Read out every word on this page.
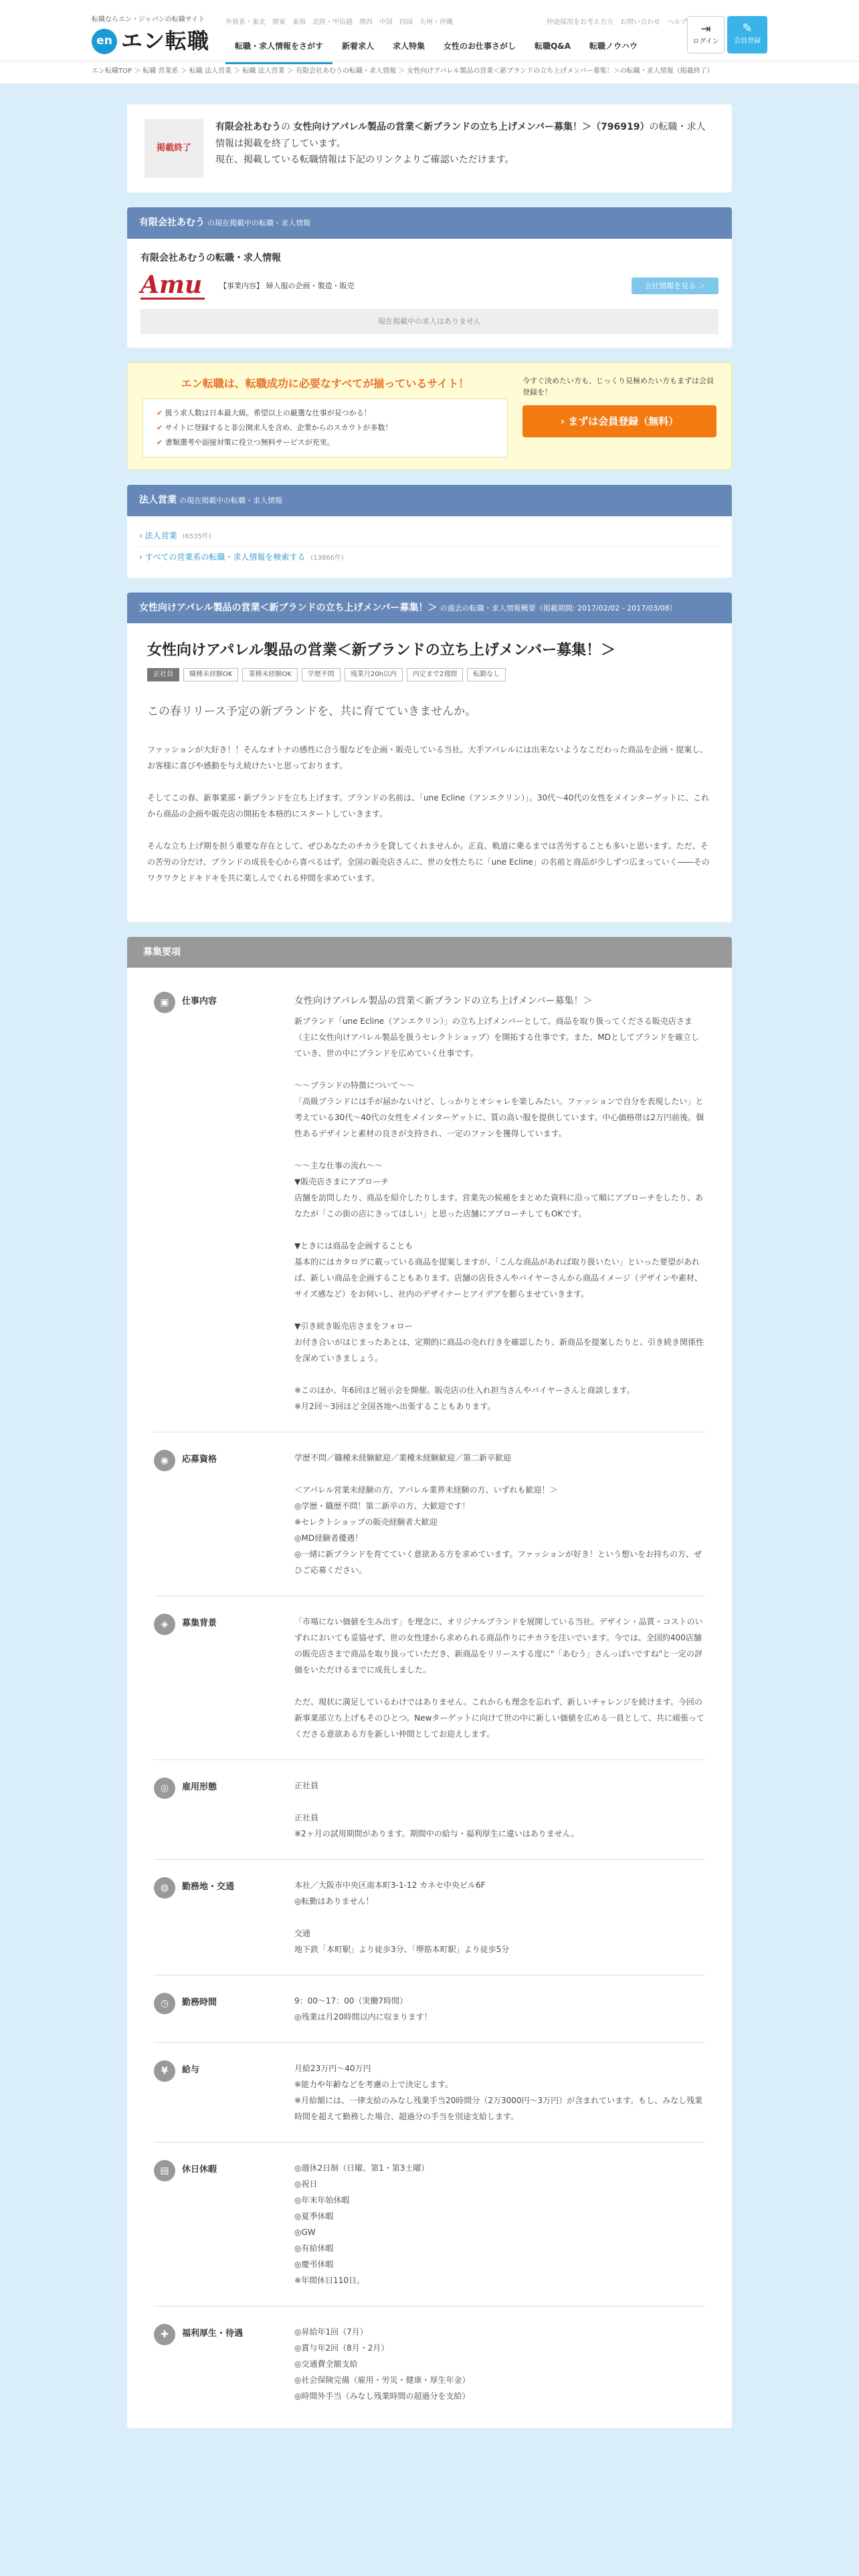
転職ならエン・ジャパンの転職サイト
en エン転職
外資系・東北　関東　東海　北陸・甲信越　関西　中国　四国　九州・沖縄	仲途採用をお考え方方　お問い合わせ　ヘルプ
転職・求人情報をさがす	新着求人	求人特集	女性のお仕事さがし	転職Q&A	転職ノウハウ
⇥
ログイン
✎
会員登録
エン転職TOP ＞ 転職 営業系 ＞ 転職 法人営業 ＞ 転職 法人営業 ＞ 有限会社あむうの転職・求人情報 ＞ 女性向けアパレル製品の営業＜新ブランドの立ち上げメンバー募集！＞の転職・求人情報（掲載終了）
掲載終了
有限会社あむうの 女性向けアパレル製品の営業＜新ブランドの立ち上げメンバー募集！＞（796919）の転職・求人情報は掲載を終了しています。
現在、掲載している転職情報は下記のリンクよりご確認いただけます。
有限会社あむう の現在掲載中の転職・求人情報
有限会社あむうの転職・求人情報
Amu	【事業内容】 婦人服の企画・製造・販売	会社情報を見る ＞
現在掲載中の求人はありません
エン転職は、転職成功に必要なすべてが揃っているサイト！
✔ 扱う求人数は日本最大級。希望以上の厳選な仕事が見つかる！
✔ サイトに登録すると非公開求人を含め、企業からのスカウトが多数！
✔ 書類選考や面接対策に役立つ無料サービスが充実。

今すぐ決めたい方も、じっくり見極めたい方もまずは会員登録を！

› まずは会員登録（無料）
法人営業 の現在掲載中の転職・求人情報
› 法人営業 (6535件)
› すべての営業系の転職・求人情報を検索する (13866件)
女性向けアパレル製品の営業＜新ブランドの立ち上げメンバー募集！＞ の過去の転職・求人情報概要（掲載期間: 2017/02/02 - 2017/03/08）
女性向けアパレル製品の営業＜新ブランドの立ち上げメンバー募集！＞
正社員	職種未経験OK	業種未経験OK	学歴不問	残業月20h以内	内定まで2週間	転勤なし

この春リリース予定の新ブランドを、共に育てていきませんか。

ファッションが大好き！！そんなオトナの感性に合う服などを企画・販売している当社。大手アパレルには出来ないようなこだわった商品を企画・提案し、お客様に喜びや感動を与え続けたいと思っております。

そしてこの春、新事業部・新ブランドを立ち上げます。ブランドの名前は、「une Ecline（アンエクリン）」。30代〜40代の女性をメインターゲットに、これから商品の企画や販売店の開拓を本格的にスタートしていきます。

そんな立ち上げ期を担う重要な存在として、ぜひあなたのチカラを貸してくれませんか。正直、軌道に乗るまでは苦労することも多いと思います。ただ、その苦労の分だけ、ブランドの成長を心から喜べるはず。全国の販売店さんに、世の女性たちに「une Ecline」の名前と商品が少しずつ広まっていく――そのワクワクとドキドキを共に楽しんでくれる仲間を求めています。

募集要項
▣	仕事内容	女性向けアパレル製品の営業＜新ブランドの立ち上げメンバー募集！＞
新ブランド「une Ecline（アンエクリン）」の立ち上げメンバーとして、商品を取り扱ってくださる販売店さま（主に女性向けアパレル製品を扱うセレクトショップ）を開拓する仕事です。また、MDとしてブランドを確立していき、世の中にブランドを広めていく仕事です。

〜〜ブランドの特徴について〜〜
「高級ブランドには手が届かないけど、しっかりとオシャレを楽しみたい。ファッションで自分を表現したい」と考えている30代〜40代の女性をメインターゲットに、質の高い服を提供しています。中心価格帯は2万円前後。個性あるデザインと素材の良さが支持され、一定のファンを獲得しています。

〜〜主な仕事の流れ〜〜
▼販売店さまにアプローチ
店舗を訪問したり、商品を紹介したりします。営業先の候補をまとめた資料に沿って順にアプローチをしたり、あなたが「この街の店にきってほしい」と思った店舗にアプローチしてもOKです。

▼ときには商品を企画することも
基本的にはカタログに載っている商品を提案しますが、「こんな商品があれば取り扱いたい」といった要望があれば、新しい商品を企画することもあります。店舗の店長さんやバイヤーさんから商品イメージ（デザインや素材、サイズ感など）をお伺いし、社内のデザイナーとアイデアを膨らませていきます。

▼引き続き販売店さまをフォロー
お付き合いがはじまったあとは、定期的に商品の売れ行きを確認したり、新商品を提案したりと、引き続き関係性を深めていきましょう。

※このほか、年6回ほど展示会を開催。販売店の仕入れ担当さんやバイヤーさんと商談します。
※月2回〜3回ほど全国各地へ出張することもあります。
◉	応募資格	学歴不問／職種未経験歓迎／業種未経験歓迎／第二新卒歓迎

＜アパレル営業未経験の方、アパレル業界未経験の方、いずれも歓迎！＞
◎学歴・職歴不問！第二新卒の方、大歓迎です！
※セレクトショップの販売経験者大歓迎
◎MD経験者優遇！
◎一緒に新ブランドを育てていく意欲ある方を求めています。ファッションが好き！という想いをお持ちの方、ぜひご応募ください。
◈	募集背景	「市場にない価値を生み出す」を理念に、オリジナルブランドを展開している当社。デザイン・品質・コストのいずれにおいても妥協せず、世の女性達から求められる商品作りにチカラを注いでいます。今では、全国約400店舗の販売店さまで商品を取り扱っていただき、新商品をリリースする度に"「あむう」さんっぽいですね"と一定の評価をいただけるまでに成長しました。

ただ、現状に満足しているわけではありません。これからも理念を忘れず、新しいチャレンジを続けます。今回の新事業部立ち上げもそのひとつ。Newターゲットに向けて世の中に新しい価値を広める一員として、共に頑張ってくださる意欲ある方を新しい仲間としてお迎えします。
◎	雇用形態	正社員

正社員
※2ヶ月の試用期間があります。期間中の給与・福利厚生に違いはありません。
◍	勤務地・交通	本社／大阪市中央区南本町3-1-12 カネセ中央ビル6F
◎転勤はありません！

交通
地下鉄「本町駅」より徒歩3分、「堺筋本町駅」より徒歩5分
◷	勤務時間	9：00〜17：00（実働7時間）
◎残業は月20時間以内に収まります！
¥	給与	月給23万円〜40万円
※能力や年齢などを考慮の上で決定します。
※月給額には、一律支給のみなし残業手当20時間分（2万3000円〜3万円）が含まれています。もし、みなし残業時間を超えて勤務した場合、超過分の手当を別途支給します。
▤	休日休暇	◎週休2日制（日曜、第1・第3土曜）
◎祝日
◎年末年始休暇
◎夏季休暇
◎GW
◎有給休暇
◎慶弔休暇
※年間休日110日。
✚	福利厚生・待遇	◎昇給年1回（7月）
◎賞与年2回（8月・2月）
◎交通費全額支給
◎社会保険完備（雇用・労災・健康・厚生年金）
◎時間外手当（みなし残業時間の超過分を支給）
